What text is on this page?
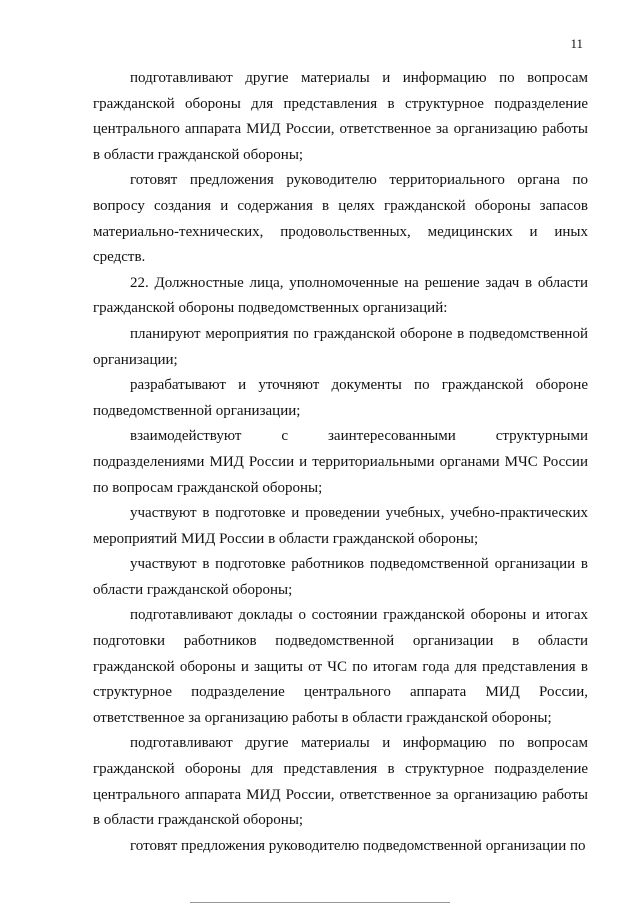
11

подготавливают другие материалы и информацию по вопросам гражданской обороны для представления в структурное подразделение центрального аппарата МИД России, ответственное за организацию работы в области гражданской обороны;

готовят предложения руководителю территориального органа по вопросу создания и содержания в целях гражданской обороны запасов материально-технических, продовольственных, медицинских и иных средств.

22. Должностные лица, уполномоченные на решение задач в области гражданской обороны подведомственных организаций:

планируют мероприятия по гражданской обороне в подведомственной организации;

разрабатывают и уточняют документы по гражданской обороне подведомственной организации;

взаимодействуют с заинтересованными структурными подразделениями МИД России и территориальными органами МЧС России по вопросам гражданской обороны;

участвуют в подготовке и проведении учебных, учебно-практических мероприятий МИД России в области гражданской обороны;

участвуют в подготовке работников подведомственной организации в области гражданской обороны;

подготавливают доклады о состоянии гражданской обороны и итогах подготовки работников подведомственной организации в области гражданской обороны и защиты от ЧС по итогам года для представления в структурное подразделение центрального аппарата МИД России, ответственное за организацию работы в области гражданской обороны;

подготавливают другие материалы и информацию по вопросам гражданской обороны для представления в структурное подразделение центрального аппарата МИД России, ответственное за организацию работы в области гражданской обороны;

готовят предложения руководителю подведомственной организации по
